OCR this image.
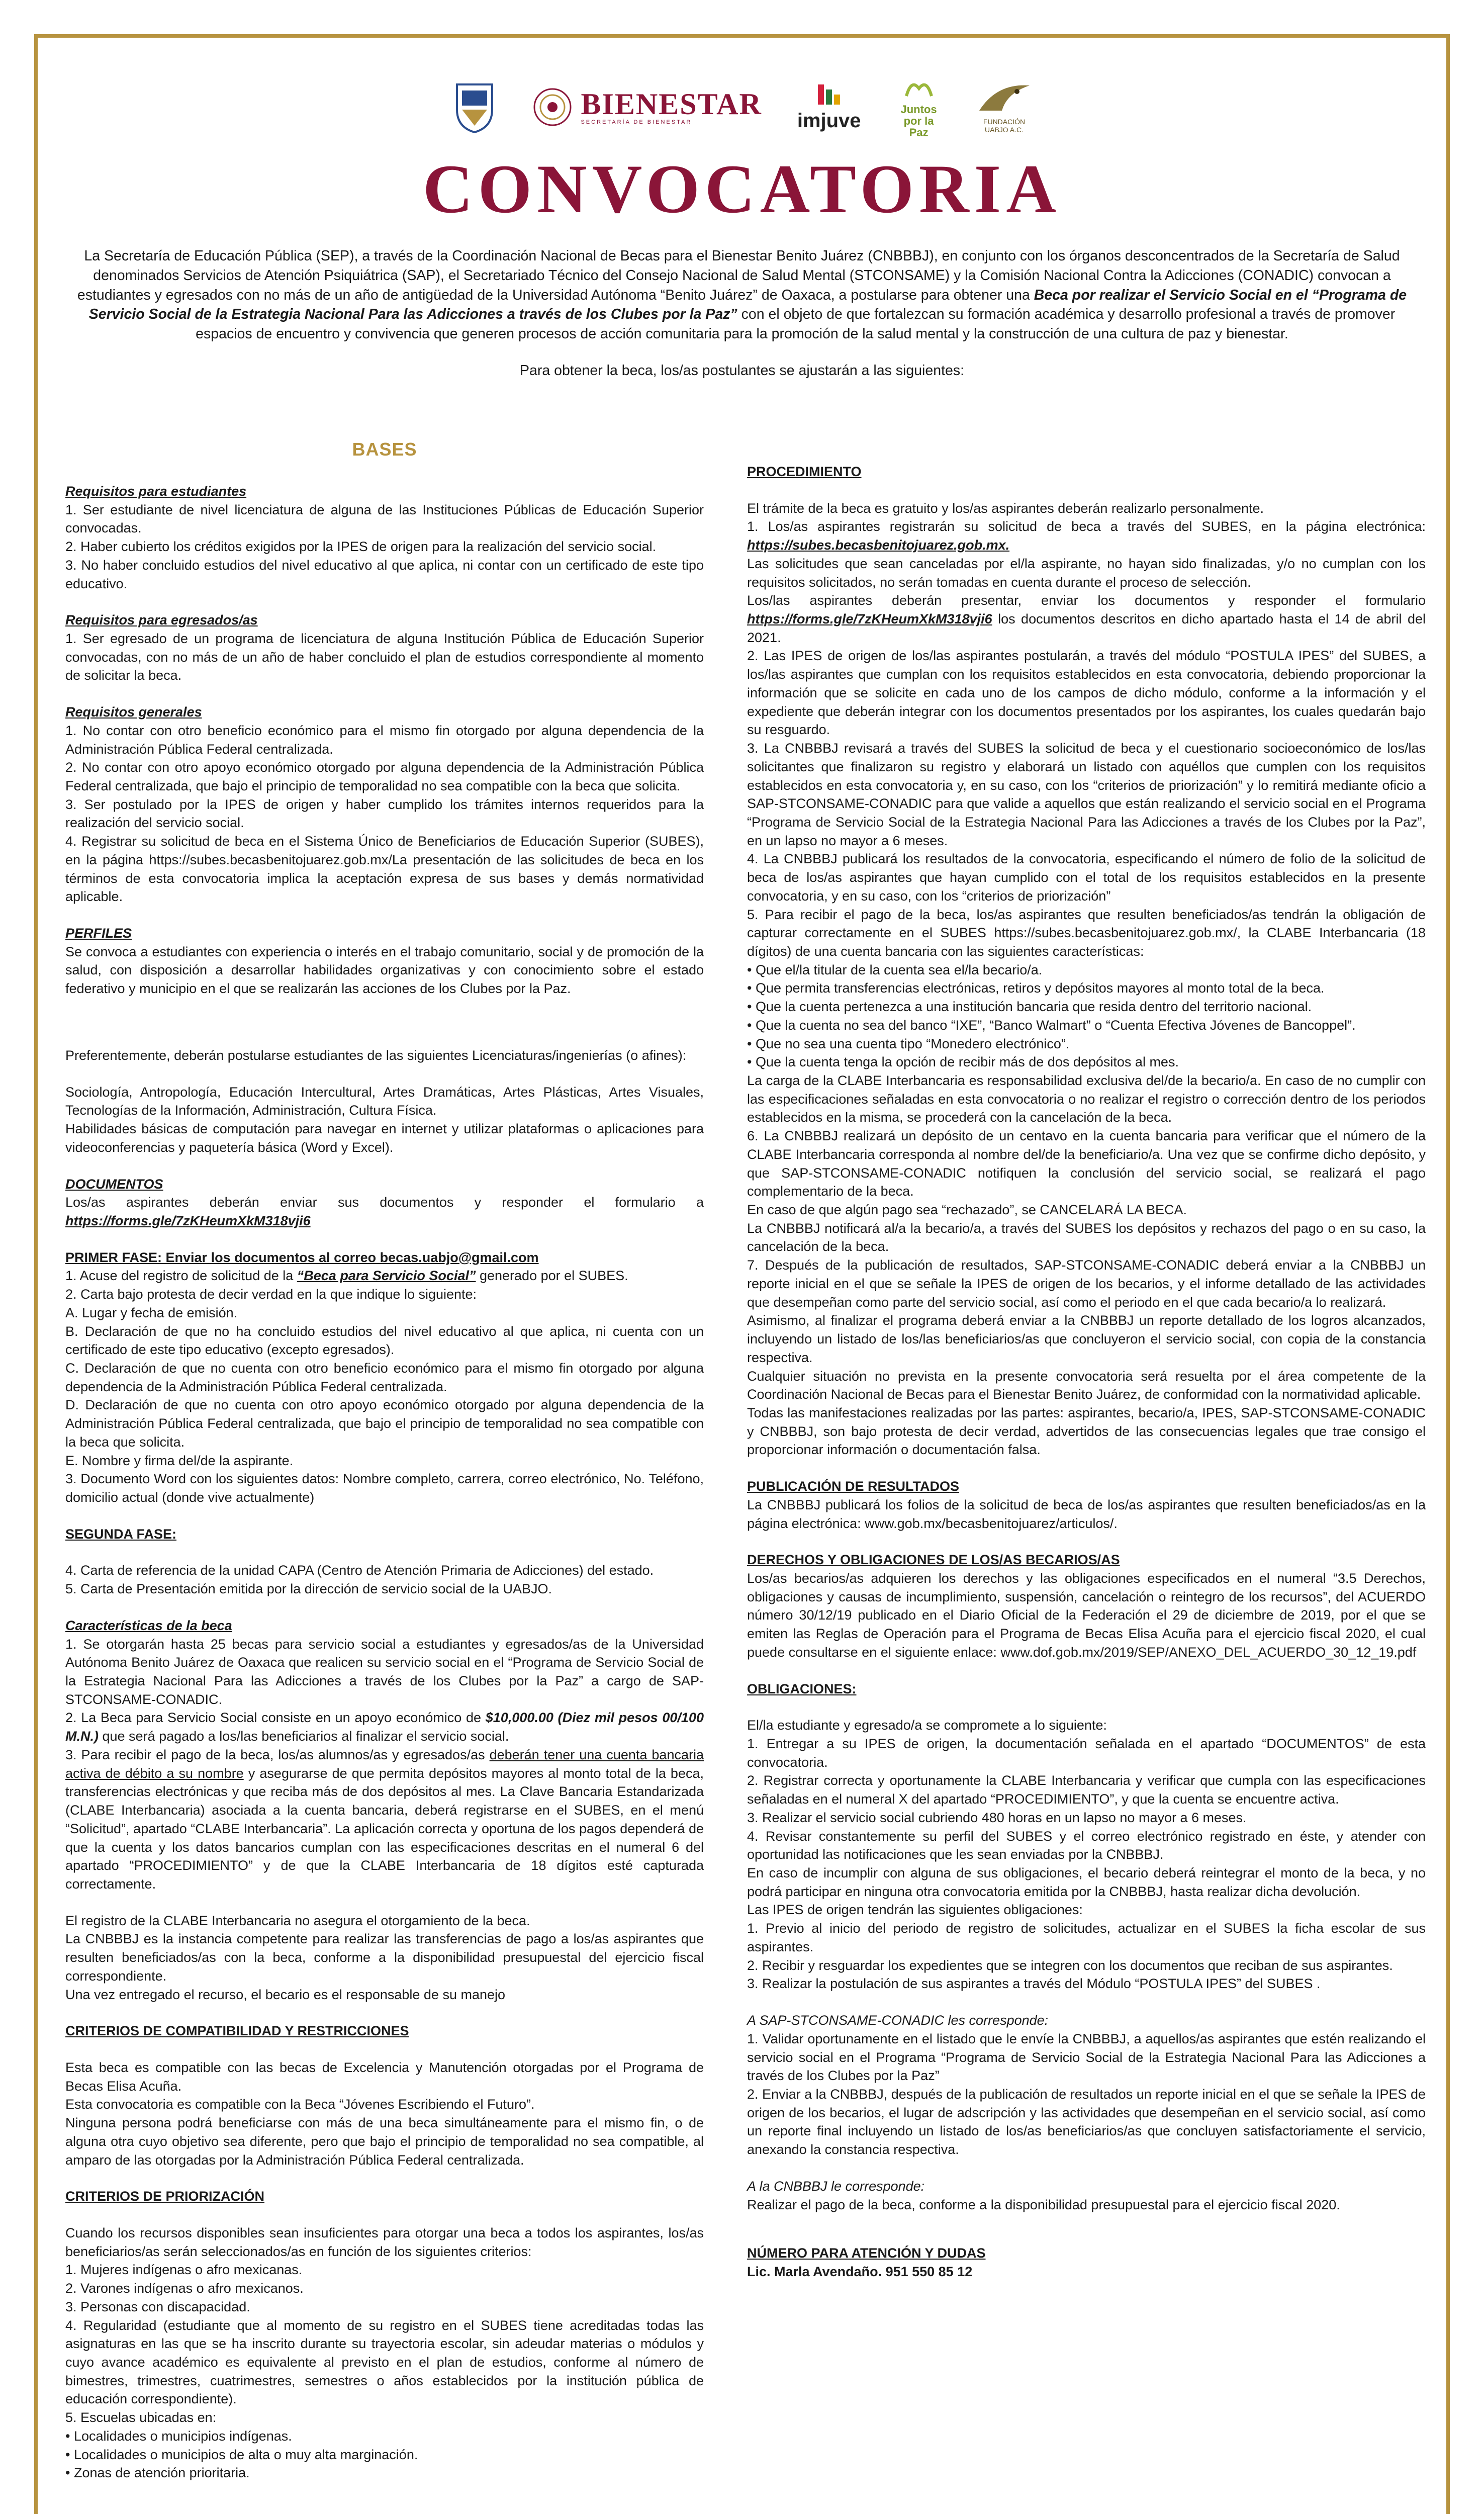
BIENESTAR
SECRETARÍA DE BIENESTAR	imjuve
Juntos por la Paz
FUNDACIÓN UABJO A.C.
CONVOCATORIA

La Secretaría de Educación Pública (SEP), a través de la Coordinación Nacional de Becas para el Bienestar Benito Juárez (CNBBBJ), en conjunto con los órganos desconcentrados de la Secretaría de Salud denominados Servicios de Atención Psiquiátrica (SAP), el Secretariado Técnico del Consejo Nacional de Salud Mental (STCONSAME) y la Comisión Nacional Contra la Adicciones (CONADIC) convocan a estudiantes y egresados con no más de un año de antigüedad de la Universidad Autónoma “Benito Juárez” de Oaxaca, a postularse para obtener una Beca por realizar el Servicio Social en el “Programa de Servicio Social de la Estrategia Nacional Para las Adicciones a través de los Clubes por la Paz” con el objeto de que fortalezcan su formación académica y desarrollo profesional a través de promover espacios de encuentro y convivencia que generen procesos de acción comunitaria para la promoción de la salud mental y la construcción de una cultura de paz y bienestar.

Para obtener la beca, los/as postulantes se ajustarán a las siguientes:

BASES

Requisitos para estudiantes

1. Ser estudiante de nivel licenciatura de alguna de las Instituciones Públicas de Educación Superior convocadas.

2. Haber cubierto los créditos exigidos por la IPES de origen para la realización del servicio social.

3. No haber concluido estudios del nivel educativo al que aplica, ni contar con un certificado de este tipo educativo.

Requisitos para egresados/as

1. Ser egresado de un programa de licenciatura de alguna Institución Pública de Educación Superior convocadas, con no más de un año de haber concluido el plan de estudios correspondiente al momento de solicitar la beca.

Requisitos generales

1. No contar con otro beneficio económico para el mismo fin otorgado por alguna dependencia de la Administración Pública Federal centralizada.

2. No contar con otro apoyo económico otorgado por alguna dependencia de la Administración Pública Federal centralizada, que bajo el principio de temporalidad no sea compatible con la beca que solicita.

3. Ser postulado por la IPES de origen y haber cumplido los trámites internos requeridos para la realización del servicio social.

4. Registrar su solicitud de beca en el Sistema Único de Beneficiarios de Educación Superior (SUBES), en la página https://subes.becasbenitojuarez.gob.mx/La presentación de las solicitudes de beca en los términos de esta convocatoria implica la aceptación expresa de sus bases y demás normatividad aplicable.

PERFILES

Se convoca a estudiantes con experiencia o interés en el trabajo comunitario, social y de promoción de la salud, con disposición a desarrollar habilidades organizativas y con conocimiento sobre el estado federativo y municipio en el que se realizarán las acciones de los Clubes por la Paz.

Preferentemente, deberán postularse estudiantes de las siguientes Licenciaturas/ingenierías (o afines):

Sociología, Antropología, Educación Intercultural, Artes Dramáticas, Artes Plásticas, Artes Visuales, Tecnologías de la Información, Administración, Cultura Física.

Habilidades básicas de computación para navegar en internet y utilizar plataformas o aplicaciones para videoconferencias y paquetería básica (Word y Excel).

DOCUMENTOS

Los/as aspirantes deberán enviar sus documentos y responder el formulario a https://forms.gle/7zKHeumXkM318vji6

PRIMER FASE: Enviar los documentos al correo becas.uabjo@gmail.com

1. Acuse del registro de solicitud de la “Beca para Servicio Social” generado por el SUBES.

2. Carta bajo protesta de decir verdad en la que indique lo siguiente:

A. Lugar y fecha de emisión.

B. Declaración de que no ha concluido estudios del nivel educativo al que aplica, ni cuenta con un certificado de este tipo educativo (excepto egresados).

C. Declaración de que no cuenta con otro beneficio económico para el mismo fin otorgado por alguna dependencia de la Administración Pública Federal centralizada.

D. Declaración de que no cuenta con otro apoyo económico otorgado por alguna dependencia de la Administración Pública Federal centralizada, que bajo el principio de temporalidad no sea compatible con la beca que solicita.

E. Nombre y firma del/de la aspirante.

3. Documento Word con los siguientes datos: Nombre completo, carrera, correo electrónico, No. Teléfono, domicilio actual (donde vive actualmente)

SEGUNDA FASE:

4. Carta de referencia de la unidad CAPA (Centro de Atención Primaria de Adicciones) del estado.

5. Carta de Presentación emitida por la dirección de servicio social de la UABJO.

Características de la beca

1. Se otorgarán hasta 25 becas para servicio social a estudiantes y egresados/as de la Universidad Autónoma Benito Juárez de Oaxaca que realicen su servicio social en el “Programa de Servicio Social de la Estrategia Nacional Para las Adicciones a través de los Clubes por la Paz” a cargo de SAP-STCONSAME-CONADIC.

2. La Beca para Servicio Social consiste en un apoyo económico de $10,000.00 (Diez mil pesos 00/100 M.N.) que será pagado a los/las beneficiarios al finalizar el servicio social.

3. Para recibir el pago de la beca, los/as alumnos/as y egresados/as deberán tener una cuenta bancaria activa de débito a su nombre y asegurarse de que permita depósitos mayores al monto total de la beca, transferencias electrónicas y que reciba más de dos depósitos al mes. La Clave Bancaria Estandarizada (CLABE Interbancaria) asociada a la cuenta bancaria, deberá registrarse en el SUBES, en el menú “Solicitud”, apartado “CLABE Interbancaria”. La aplicación correcta y oportuna de los pagos dependerá de que la cuenta y los datos bancarios cumplan con las especificaciones descritas en el numeral 6 del apartado “PROCEDIMIENTO” y de que la CLABE Interbancaria de 18 dígitos esté capturada correctamente.

El registro de la CLABE Interbancaria no asegura el otorgamiento de la beca.

La CNBBBJ es la instancia competente para realizar las transferencias de pago a los/as aspirantes que resulten beneficiados/as con la beca, conforme a la disponibilidad presupuestal del ejercicio fiscal correspondiente.

Una vez entregado el recurso, el becario es el responsable de su manejo

CRITERIOS DE COMPATIBILIDAD Y RESTRICCIONES

Esta beca es compatible con las becas de Excelencia y Manutención otorgadas por el Programa de Becas Elisa Acuña.

Esta convocatoria es compatible con la Beca “Jóvenes Escribiendo el Futuro”.

Ninguna persona podrá beneficiarse con más de una beca simultáneamente para el mismo fin, o de alguna otra cuyo objetivo sea diferente, pero que bajo el principio de temporalidad no sea compatible, al amparo de las otorgadas por la Administración Pública Federal centralizada.

CRITERIOS DE PRIORIZACIÓN

Cuando los recursos disponibles sean insuficientes para otorgar una beca a todos los aspirantes, los/as beneficiarios/as serán seleccionados/as en función de los siguientes criterios:

1. Mujeres indígenas o afro mexicanas.

2. Varones indígenas o afro mexicanos.

3. Personas con discapacidad.

4. Regularidad (estudiante que al momento de su registro en el SUBES tiene acreditadas todas las asignaturas en las que se ha inscrito durante su trayectoria escolar, sin adeudar materias o módulos y cuyo avance académico es equivalente al previsto en el plan de estudios, conforme al número de bimestres, trimestres, cuatrimestres, semestres o años establecidos por la institución pública de educación correspondiente).

5. Escuelas ubicadas en:

• Localidades o municipios indígenas.

• Localidades o municipios de alta o muy alta marginación.

• Zonas de atención prioritaria.

PROCEDIMIENTO

El trámite de la beca es gratuito y los/as aspirantes deberán realizarlo personalmente.

1. Los/as aspirantes registrarán su solicitud de beca a través del SUBES, en la página electrónica: https://subes.becasbenitojuarez.gob.mx.

Las solicitudes que sean canceladas por el/la aspirante, no hayan sido finalizadas, y/o no cumplan con los requisitos solicitados, no serán tomadas en cuenta durante el proceso de selección.

Los/las aspirantes deberán presentar, enviar los documentos y responder el formulario https://forms.gle/7zKHeumXkM318vji6 los documentos descritos en dicho apartado hasta el 14 de abril del 2021.

2. Las IPES de origen de los/las aspirantes postularán, a través del módulo “POSTULA IPES” del SUBES, a los/las aspirantes que cumplan con los requisitos establecidos en esta convocatoria, debiendo proporcionar la información que se solicite en cada uno de los campos de dicho módulo, conforme a la información y el expediente que deberán integrar con los documentos presentados por los aspirantes, los cuales quedarán bajo su resguardo.

3. La CNBBBJ revisará a través del SUBES la solicitud de beca y el cuestionario socioeconómico de los/las solicitantes que finalizaron su registro y elaborará un listado con aquéllos que cumplen con los requisitos establecidos en esta convocatoria y, en su caso, con los “criterios de priorización” y lo remitirá mediante oficio a SAP-STCONSAME-CONADIC para que valide a aquellos que están realizando el servicio social en el Programa “Programa de Servicio Social de la Estrategia Nacional Para las Adicciones a través de los Clubes por la Paz”, en un lapso no mayor a 6 meses.

4. La CNBBBJ publicará los resultados de la convocatoria, especificando el número de folio de la solicitud de beca de los/as aspirantes que hayan cumplido con el total de los requisitos establecidos en la presente convocatoria, y en su caso, con los “criterios de priorización”

5. Para recibir el pago de la beca, los/as aspirantes que resulten beneficiados/as tendrán la obligación de capturar correctamente en el SUBES https://subes.becasbenitojuarez.gob.mx/, la CLABE Interbancaria (18 dígitos) de una cuenta bancaria con las siguientes características:

• Que el/la titular de la cuenta sea el/la becario/a.

• Que permita transferencias electrónicas, retiros y depósitos mayores al monto total de la beca.

• Que la cuenta pertenezca a una institución bancaria que resida dentro del territorio nacional.

• Que la cuenta no sea del banco “IXE”, “Banco Walmart” o “Cuenta Efectiva Jóvenes de Bancoppel”.

• Que no sea una cuenta tipo “Monedero electrónico”.

• Que la cuenta tenga la opción de recibir más de dos depósitos al mes.

La carga de la CLABE Interbancaria es responsabilidad exclusiva del/de la becario/a. En caso de no cumplir con las especificaciones señaladas en esta convocatoria o no realizar el registro o corrección dentro de los periodos establecidos en la misma, se procederá con la cancelación de la beca.

6. La CNBBBJ realizará un depósito de un centavo en la cuenta bancaria para verificar que el número de la CLABE Interbancaria corresponda al nombre del/de la beneficiario/a. Una vez que se confirme dicho depósito, y que SAP-STCONSAME-CONADIC notifiquen la conclusión del servicio social, se realizará el pago complementario de la beca.

En caso de que algún pago sea “rechazado”, se CANCELARÁ LA BECA.

La CNBBBJ notificará al/a la becario/a, a través del SUBES los depósitos y rechazos del pago o en su caso, la cancelación de la beca.

7. Después de la publicación de resultados, SAP-STCONSAME-CONADIC deberá enviar a la CNBBBJ un reporte inicial en el que se señale la IPES de origen de los becarios, y el informe detallado de las actividades que desempeñan como parte del servicio social, así como el periodo en el que cada becario/a lo realizará.

Asimismo, al finalizar el programa deberá enviar a la CNBBBJ un reporte detallado de los logros alcanzados, incluyendo un listado de los/las beneficiarios/as que concluyeron el servicio social, con copia de la constancia respectiva.

Cualquier situación no prevista en la presente convocatoria será resuelta por el área competente de la Coordinación Nacional de Becas para el Bienestar Benito Juárez, de conformidad con la normatividad aplicable.

Todas las manifestaciones realizadas por las partes: aspirantes, becario/a, IPES, SAP-STCONSAME-CONADIC y CNBBBJ, son bajo protesta de decir verdad, advertidos de las consecuencias legales que trae consigo el proporcionar información o documentación falsa.

PUBLICACIÓN DE RESULTADOS

La CNBBBJ publicará los folios de la solicitud de beca de los/as aspirantes que resulten beneficiados/as en la página electrónica: www.gob.mx/becasbenitojuarez/articulos/.

DERECHOS Y OBLIGACIONES DE LOS/AS BECARIOS/AS

Los/as becarios/as adquieren los derechos y las obligaciones especificados en el numeral “3.5 Derechos, obligaciones y causas de incumplimiento, suspensión, cancelación o reintegro de los recursos”, del ACUERDO número 30/12/19 publicado en el Diario Oficial de la Federación el 29 de diciembre de 2019, por el que se emiten las Reglas de Operación para el Programa de Becas Elisa Acuña para el ejercicio fiscal 2020, el cual puede consultarse en el siguiente enlace: www.dof.gob.mx/2019/SEP/ANEXO_DEL_ACUERDO_30_12_19.pdf

OBLIGACIONES:

El/la estudiante y egresado/a se compromete a lo siguiente:

1. Entregar a su IPES de origen, la documentación señalada en el apartado “DOCUMENTOS” de esta convocatoria.

2. Registrar correcta y oportunamente la CLABE Interbancaria y verificar que cumpla con las especificaciones señaladas en el numeral X del apartado “PROCEDIMIENTO”, y que la cuenta se encuentre activa.

3. Realizar el servicio social cubriendo 480 horas en un lapso no mayor a 6 meses.

4. Revisar constantemente su perfil del SUBES y el correo electrónico registrado en éste, y atender con oportunidad las notificaciones que les sean enviadas por la CNBBBJ.

En caso de incumplir con alguna de sus obligaciones, el becario deberá reintegrar el monto de la beca, y no podrá participar en ninguna otra convocatoria emitida por la CNBBBJ, hasta realizar dicha devolución.

Las IPES de origen tendrán las siguientes obligaciones:

1. Previo al inicio del periodo de registro de solicitudes, actualizar en el SUBES la ficha escolar de sus aspirantes.

2. Recibir y resguardar los expedientes que se integren con los documentos que reciban de sus aspirantes.

3. Realizar la postulación de sus aspirantes a través del Módulo “POSTULA IPES” del SUBES .

A SAP-STCONSAME-CONADIC les corresponde:

1. Validar oportunamente en el listado que le envíe la CNBBBJ, a aquellos/as aspirantes que estén realizando el servicio social en el Programa “Programa de Servicio Social de la Estrategia Nacional Para las Adicciones a través de los Clubes por la Paz”

2. Enviar a la CNBBBJ, después de la publicación de resultados un reporte inicial en el que se señale la IPES de origen de los becarios, el lugar de adscripción y las actividades que desempeñan en el servicio social, así como un reporte final incluyendo un listado de los/as beneficiarios/as que concluyen satisfactoriamente el servicio, anexando la constancia respectiva.

A la CNBBBJ le corresponde:

Realizar el pago de la beca, conforme a la disponibilidad presupuestal para el ejercicio fiscal 2020.

NÚMERO PARA ATENCIÓN Y DUDAS

Lic. Marla Avendaño. 951 550 85 12
